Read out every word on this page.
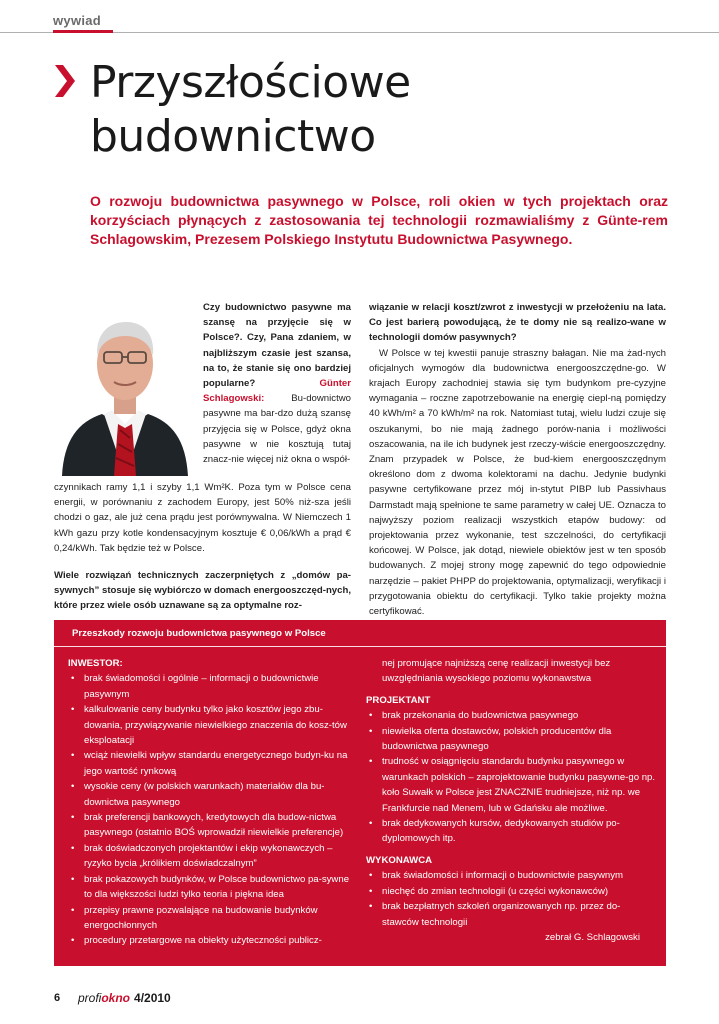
wywiad
Przyszłościowe
budownictwo

O rozwoju budownictwa pasywnego w Polsce, roli okien w tych projektach oraz korzyściach płynących z zastosowania tej technologii rozmawialiśmy z Günte-rem Schlagowskim, Prezesem Polskiego Instytutu Budownictwa Pasywnego.

Czy budownictwo pasywne ma szansę na przyjęcie się w Polsce?. Czy, Pana zdaniem, w najbliższym czasie jest szansa, na to, że stanie się ono bardziej popularne?	Günter Schlagowski: Bu-downictwo pasywne ma bar-dzo dużą szansę przyjęcia się w Polsce, gdyż okna pasywne w nie kosztują tutaj znacz-nie więcej niż okna o współ-

czynnikach ramy 1,1 i szyby 1,1 Wm²K. Poza tym w Polsce cena energii, w porównaniu z zachodem Europy, jest 50% niż-sza jeśli chodzi o gaz, ale już cena prądu jest porównywalna. W Niemczech 1 kWh gazu przy kotle kondensacyjnym kosztuje € 0,06/kWh a prąd € 0,24/kWh. Tak będzie też w Polsce.

Wiele rozwiązań technicznych zaczerpniętych z „domów pa-sywnych” stosuje się wybiórczo w domach energooszczęd-nych, które przez wiele osób uznawane są za optymalne roz-

wiązanie w relacji koszt/zwrot z inwestycji w przełożeniu na lata. Co jest barierą powodującą, że te domy nie są realizo-wane w technologii domów pasywnych?

W Polsce w tej kwestii panuje straszny bałagan. Nie ma żad-nych oficjalnych wymogów dla budownictwa energooszczędne-go. W krajach Europy zachodniej stawia się tym budynkom pre-cyzyjne wymagania – roczne zapotrzebowanie na energię ciepl-ną pomiędzy 40 kWh/m² a 70 kWh/m² na rok. Natomiast tutaj, wielu ludzi czuje się oszukanymi, bo nie mają żadnego porów-nania i możliwości oszacowania, na ile ich budynek jest rzeczy-wiście energooszczędny. Znam przypadek w Polsce, że bud-kiem energooszczędnym określono dom z dwoma kolektorami na dachu. Jedynie budynki pasywne certyfikowane przez mój in-stytut PIBP lub Passivhaus Darmstadt mają spełnione te same parametry w całej UE. Oznacza to najwyższy poziom realizacji wszystkich etapów budowy: od projektowania przez wykonanie, test szczelności, do certyfikacji końcowej. W Polsce, jak dotąd, niewiele obiektów jest w ten sposób budowanych. Z mojej strony mogę zapewnić do tego odpowiednie narzędzie – pakiet PHPP do projektowania, optymalizacji, weryfikacji i przygotowania obiektu do certyfikacji. Tylko takie projekty można certyfikować.

Przeszkody rozwoju budownictwa pasywnego w Polsce
INWESTOR:
• brak świadomości i ogólnie – informacji o budownictwie pasywnym
• kalkulowanie ceny budynku tylko jako kosztów jego zbu-dowania, przywiązywanie niewielkiego znaczenia do kosz-tów eksploatacji
• wciąż niewielki wpływ standardu energetycznego budyn-ku na jego wartość rynkową
• wysokie ceny (w polskich warunkach) materiałów dla bu-downictwa pasywnego
• brak preferencji bankowych, kredytowych dla budow-nictwa pasywnego (ostatnio BOŚ wprowadził niewielkie preferencje)
• brak doświadczonych projektantów i ekip wykonawczych – ryzyko bycia „królikiem doświadczalnym”
• brak pokazowych budynków, w Polsce budownictwo pa-sywne to dla większości ludzi tylko teoria i piękna idea
• przepisy prawne pozwalające na budowanie budynków energochłonnych
• procedury przetargowe na obiekty użyteczności publicz-
nej promujące najniższą cenę realizacji inwestycji bez uwzględniania wysokiego poziomu wykonawstwa
PROJEKTANT
• brak przekonania do budownictwa pasywnego
• niewielka oferta dostawców, polskich producentów dla budownictwa pasywnego
• trudność w osiągnięciu standardu budynku pasywnego w warunkach polskich – zaprojektowanie budynku pasywne-go np. koło Suwałk w Polsce jest ZNACZNIE trudniejsze, niż np. we Frankfurcie nad Menem, lub w Gdańsku ale możliwe.
• brak dedykowanych kursów, dedykowanych studiów po-dyplomowych itp.
WYKONAWCA
• brak świadomości i informacji o budownictwie pasywnym
• niechęć do zmian technologii (u części wykonawców)
• brak bezpłatnych szkoleń organizowanych np. przez do-stawców technologii
zebrał G. Schlagowski
6 profiokno 4/2010
